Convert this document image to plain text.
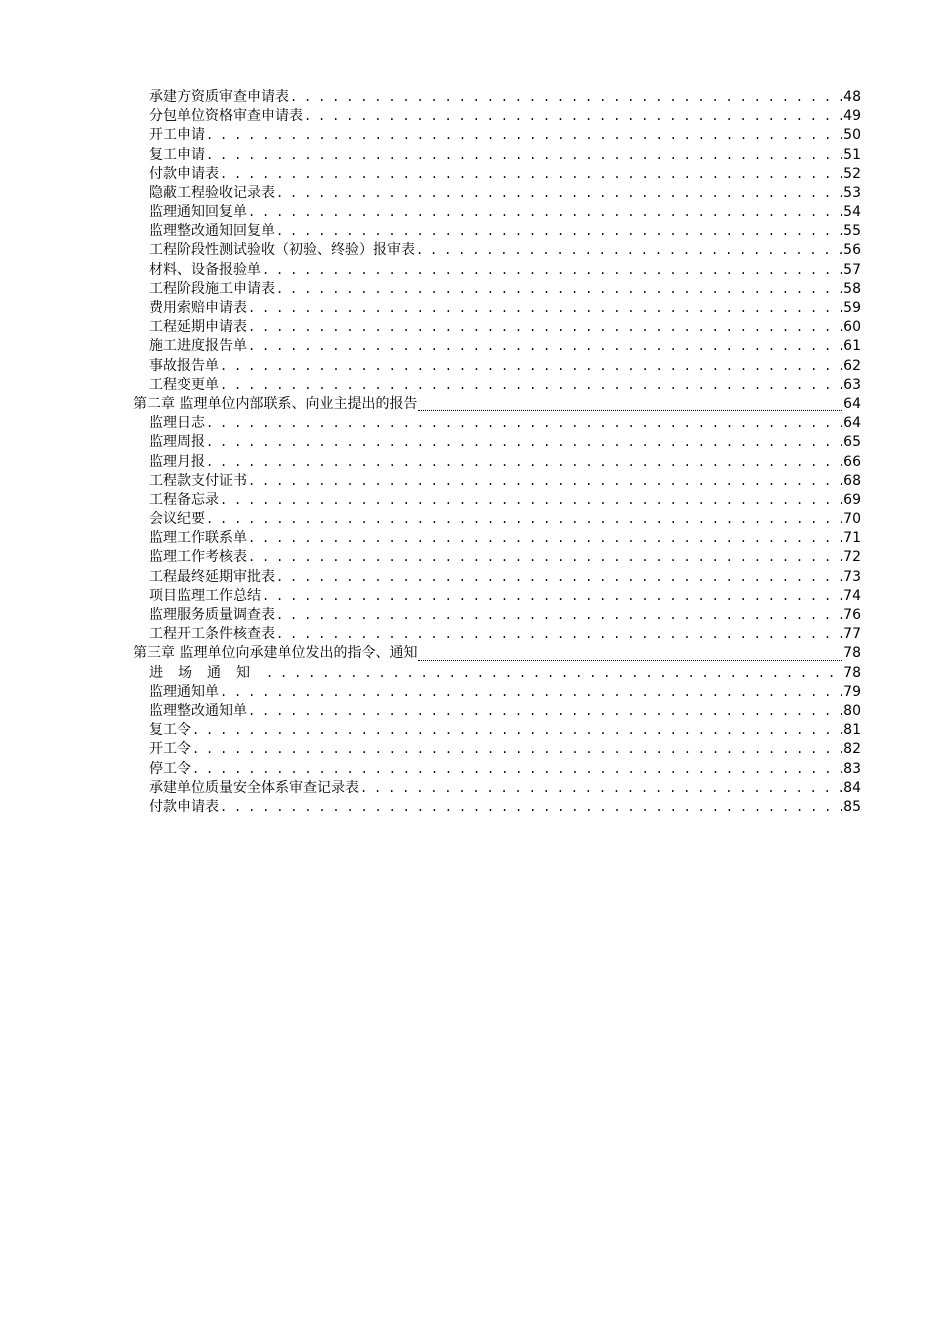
承建方资质审查申请表 . . .	48
分包单位资格审查申请表 . . .	49
开工申请 . . .	50
复工申请 . . .	51
付款申请表 . . .	52
隐蔽工程验收记录表 . . .	53
监理通知回复单 . . .	54
监理整改通知回复单 . . .	55
工程阶段性测试验收（初验、终验）报审表 . . .	56
材料、设备报验单 . . .	57
工程阶段施工申请表 . . .	58
费用索赔申请表 . . .	59
工程延期申请表 . . .	60
施工进度报告单 . . .	61
事故报告单 . . .	62
工程变更单 . . .	63
第二章 监理单位内部联系、向业主提出的报告	64
监理日志 . . .	64
监理周报 . . .	65
监理月报 . . .	66
工程款支付证书 . . .	68
工程备忘录 . . .	69
会议纪要 . . .	70
监理工作联系单 . . .	71
监理工作考核表 . . .	72
工程最终延期审批表 . . .	73
项目监理工作总结 . . .	74
监理服务质量调查表 . . .	76
工程开工条件核查表 . . .	77
第三章 监理单位向承建单位发出的指令、通知	78
进场通知 . . .	78
监理通知单 . . .	79
监理整改通知单 . . .	80
复工令 . . .	81
开工令 . . .	82
停工令 . . .	83
承建单位质量安全体系审查记录表 . . .	84
付款申请表 . . .	85
